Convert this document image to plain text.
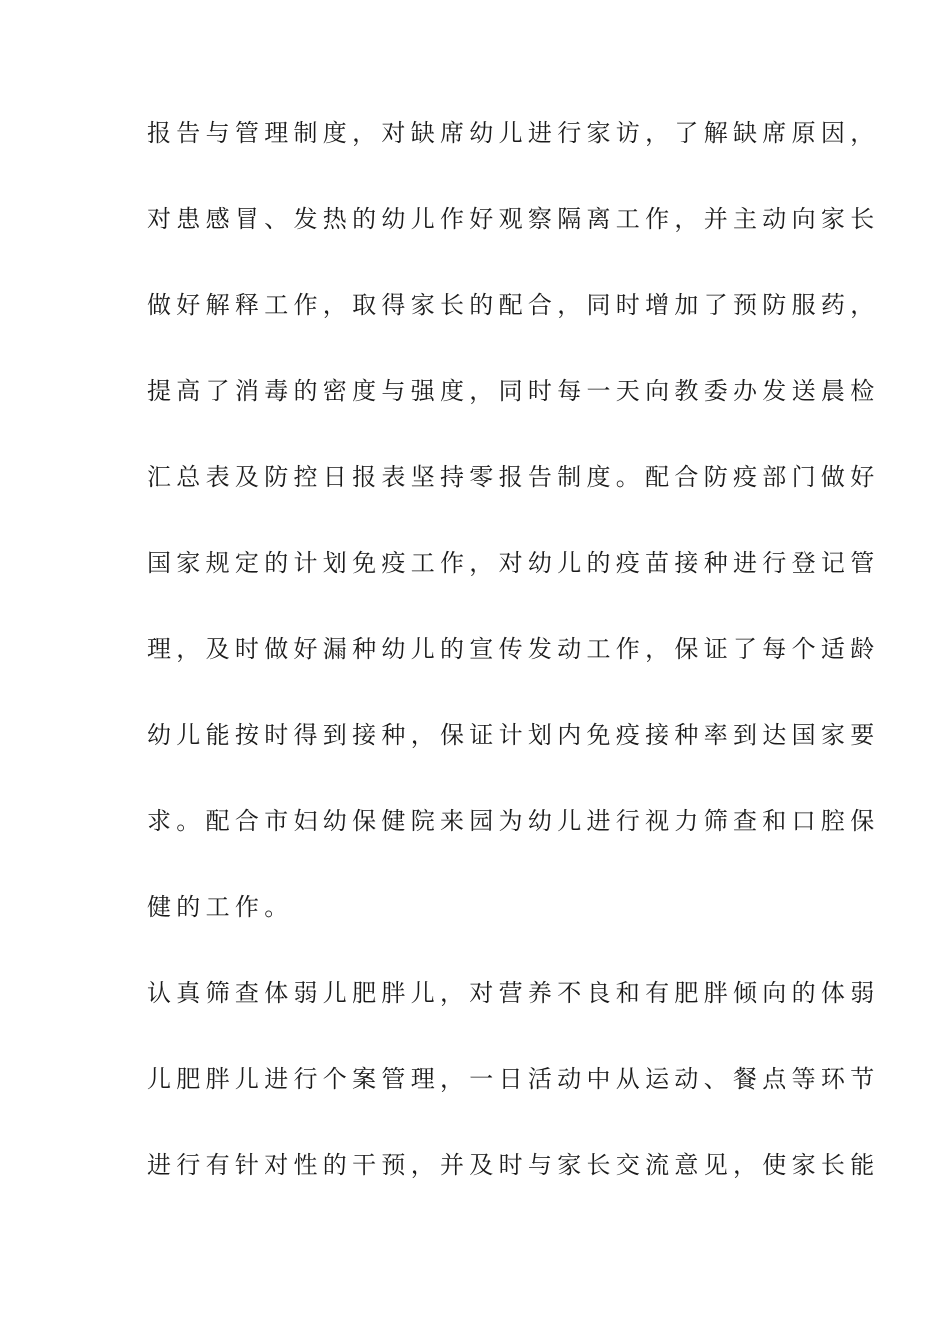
报告与管理制度，对缺席幼儿进行家访，了解缺席原因，
对患感冒、发热的幼儿作好观察隔离工作，并主动向家长
做好解释工作，取得家长的配合，同时增加了预防服药，
提高了消毒的密度与强度，同时每一天向教委办发送晨检
汇总表及防控日报表坚持零报告制度。配合防疫部门做好
国家规定的计划免疫工作，对幼儿的疫苗接种进行登记管
理，及时做好漏种幼儿的宣传发动工作，保证了每个适龄
幼儿能按时得到接种，保证计划内免疫接种率到达国家要
求。配合市妇幼保健院来园为幼儿进行视力筛查和口腔保
健的工作。
认真筛查体弱儿肥胖儿，对营养不良和有肥胖倾向的体弱
儿肥胖儿进行个案管理，一日活动中从运动、餐点等环节
进行有针对性的干预，并及时与家长交流意见，使家长能
